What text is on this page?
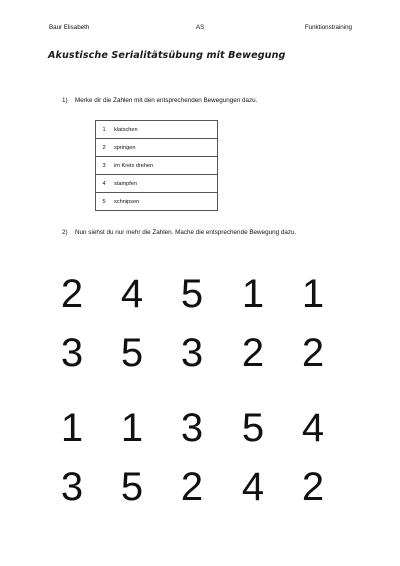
Baur Elisabeth	AS	Funktionstraining
Akustische Serialitätsübung mit Bewegung
1) Merke dir die Zahlen mit den entsprechenden Bewegungen dazu.
1	klatschen
2	springen
3	im Kreis drehen
4	stampfen
5	schnipsen
2) Nun siehst du nur mehr die Zahlen. Mache die entsprechende Bewegung dazu.
2 4 5 1 1
3 5 3 2 2
1 1 3 5 4
3 5 2 4 2
